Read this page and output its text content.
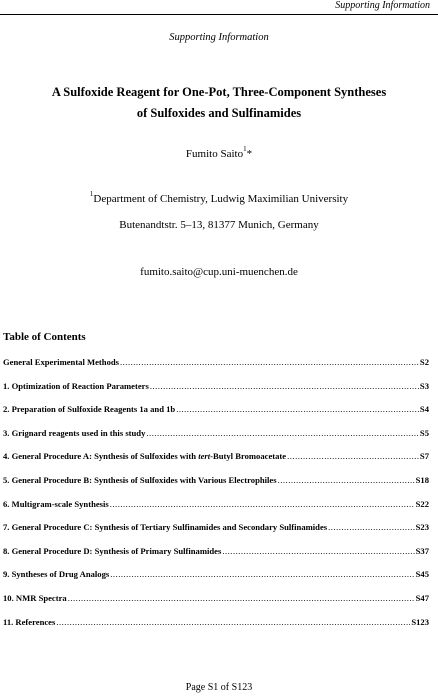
Supporting Information
Supporting Information
A Sulfoxide Reagent for One-Pot, Three-Component Syntheses
of Sulfoxides and Sulfinamides
Fumito Saito$^1$*
$^1$Department of Chemistry, Ludwig Maximilian University
Butenandtstr. 5–13, 81377 Munich, Germany
fumito.saito@cup.uni-muenchen.de
Table of Contents
General Experimental Methods .....	S2
1. Optimization of Reaction Parameters .....	S3
2. Preparation of Sulfoxide Reagents 1a and 1b .....	S4
3. Grignard reagents used in this study .....	S5
4. General Procedure A: Synthesis of Sulfoxides with tert-Butyl Bromoacetate .....	S7
5. General Procedure B: Synthesis of Sulfoxides with Various Electrophiles .....	S18
6. Multigram-scale Synthesis .....	S22
7. General Procedure C: Synthesis of Tertiary Sulfinamides and Secondary Sulfinamides .....	S23
8. General Procedure D: Synthesis of Primary Sulfinamides .....	S37
9. Syntheses of Drug Analogs .....	S45
10. NMR Spectra .....	S47
11. References .....	S123
Page S1 of S123
